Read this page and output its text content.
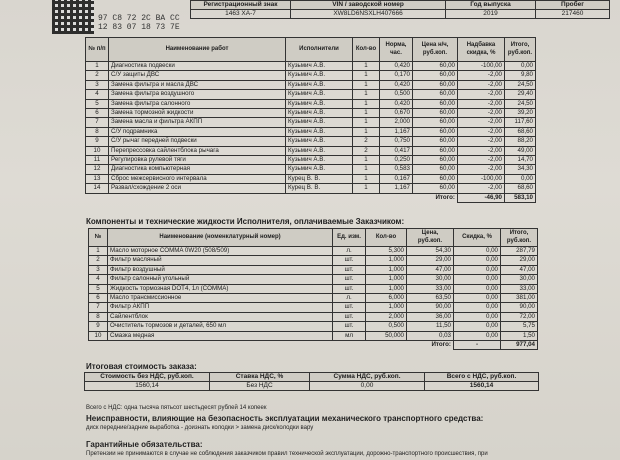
97 C8 72 2C BA CC
12 83 07 18 73 7E
Регистрационный знак	VIN / заводской номер	Год выпуска	Пробег
1463 ХА-7	XW8LD6NSXLH407666	2019	217460
№ п/п	Наименование работ	Исполнители	Кол-во	Норма, час.	Цена н/ч, руб.коп.	Надбавка скидка, %	Итого, руб.коп.
1	Диагностика подвески	Кузьмич А.В.	1	0,420	60,00	-100,00	0,00
2	С/У защиты ДВС	Кузьмич А.В.	1	0,170	60,00	-2,00	9,80
3	Замена фильтра и масла ДВС	Кузьмич А.В.	1	0,420	60,00	-2,00	24,50
4	Замена фильтра воздушного	Кузьмич А.В.	1	0,500	60,00	-2,00	29,40
5	Замена фильтра салонного	Кузьмич А.В.	1	0,420	60,00	-2,00	24,50
6	Замена тормозной жидкости	Кузьмич А.В.	1	0,670	60,00	-2,00	39,20
7	Замена масла и фильтра АКПП	Кузьмич А.В.	1	2,000	60,00	-2,00	117,60
8	С/У подрамника	Кузьмич А.В.	1	1,167	60,00	-2,00	68,60
9	С/У рычаг передней подвески	Кузьмич А.В.	2	0,750	60,00	-2,00	88,20
10	Перепрессовка сайлентблока рычага	Кузьмич А.В.	2	0,417	60,00	-2,00	49,00
11	Регулировка рулевой тяги	Кузьмич А.В.	1	0,250	60,00	-2,00	14,70
12	Диагностика компьютерная	Кузьмич А.В.	1	0,583	60,00	-2,00	34,30
13	Сброс межсервисного интервала	Курец В. В.	1	0,167	60,00	-100,00	0,00
14	Развал/схождение 2 оси	Курец В. В.	1	1,167	60,00	-2,00	68,60
Итого:						-46,90	583,10
Компоненты и технические жидкости Исполнителя, оплачиваемые Заказчиком:
№	Наименование (номенклатурный номер)	Ед. изм.	Кол-во	Цена, руб.коп.	Скидка, %	Итого, руб.коп.
1	Масло моторное COMMA 0W20 (508/509)	л.	5,300	54,30	0,00	287,79
2	Фильтр масляный	шт.	1,000	29,00	0,00	29,00
3	Фильтр воздушный	шт.	1,000	47,00	0,00	47,00
4	Фильтр салонный угольный	шт.	1,000	30,00	0,00	30,00
5	Жидкость тормозная DOT4, 1л (COMMA)	шт.	1,000	33,00	0,00	33,00
6	Масло трансмиссионное	л.	6,000	63,50	0,00	381,00
7	Фильтр АКПП	шт.	1,000	90,00	0,00	90,00
8	Сайлентблок	шт.	2,000	36,00	0,00	72,00
9	Очиститель тормозов и деталей, 650 мл	шт.	0,500	11,50	0,00	5,75
10	Смазка медная	мл	50,000	0,03	0,00	1,50
Итого:					-	977,04
Итоговая стоимость заказа:
Стоимость без НДС, руб.коп.	Ставка НДС, %	Сумма НДС, руб.коп.	Всего с НДС, руб.коп.
1560,14	Без НДС	0,00	1560,14
Всего с НДС: одна тысяча пятьсот шестьдесят рублей 14 копеек
Неисправности, влияющие на безопасность эксплуатации механического транспортного средства:
диск передние/задние выработка - доизнать колодки > замена диск/колодки вару
Гарантийные обязательства:
Претензии не принимаются в случае не соблюдения заказчиком правил технической эксплуатации, дорожно-транспортного происшествия, при
